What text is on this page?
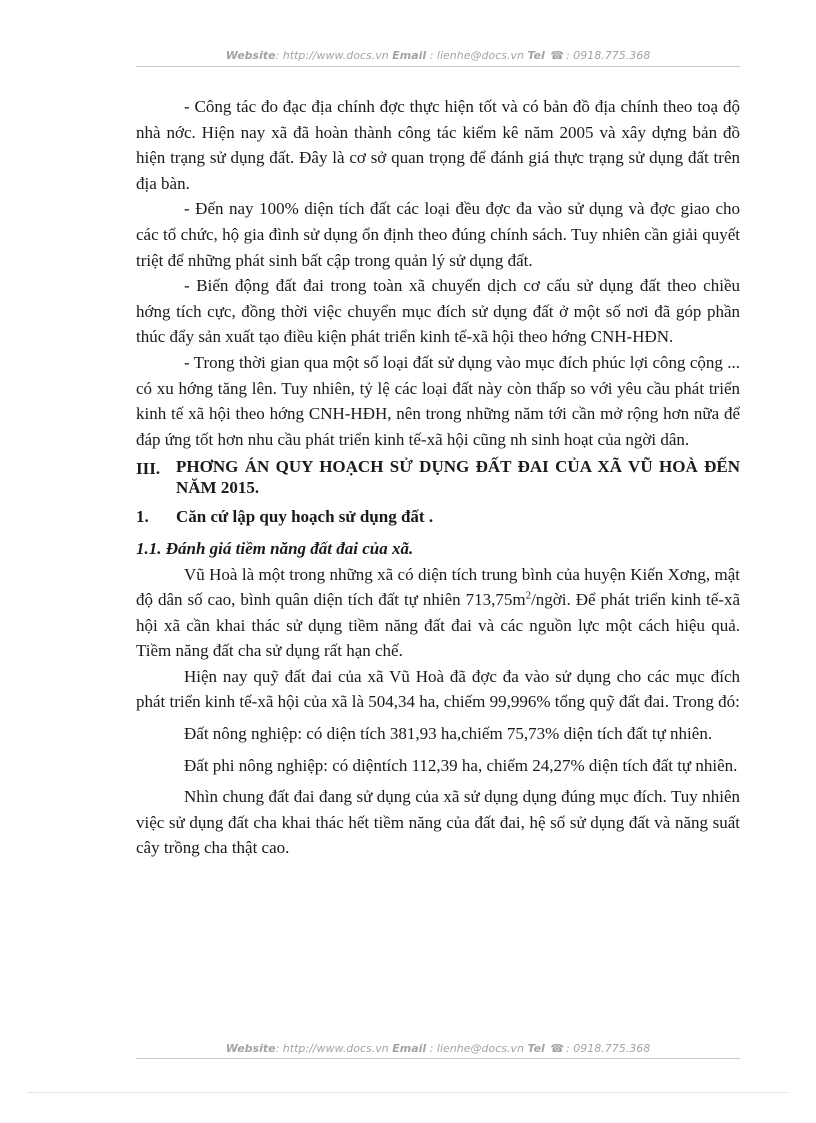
Website: http://www.docs.vn Email : lienhe@docs.vn Tel ☎ : 0918.775.368

- Công tác đo đạc địa chính đợc thực hiện tốt và có bản đồ địa chính theo toạ độ nhà nớc. Hiện nay xã đã hoàn thành công tác kiểm kê năm 2005 và xây dựng bản đồ hiện trạng sử dụng đất. Đây là cơ sở quan trọng để đánh giá thực trạng sử dụng đất trên địa bàn.

- Đến nay 100% diện tích đất các loại đều đợc đa vào sử dụng và đợc giao cho các tổ chức, hộ gia đình sử dụng ổn định theo đúng chính sách. Tuy nhiên cần giải quyết triệt để những phát sinh bất cập trong quản lý sử dụng đất.

- Biến động đất đai trong toàn xã chuyển dịch cơ cấu sử dụng đất theo chiều hớng tích cực, đồng thời việc chuyển mục đích sử dụng đất ở một số nơi đã góp phần thúc đẩy sản xuất tạo điều kiện phát triển kinh tế-xã hội theo hớng CNH-HĐN.

- Trong thời gian qua một số loại đất sử dụng vào mục đích phúc lợi công cộng ... có xu hớng tăng lên. Tuy nhiên, tỷ lệ các loại đất này còn thấp so với yêu cầu phát triển kinh tế xã hội theo hớng CNH-HĐH, nên trong những năm tới cần mở rộng hơn nữa để đáp ứng tốt hơn nhu cầu phát triển kinh tế-xã hội cũng nh sinh hoạt của ngời dân.

III. PHƠNG ÁN QUY HOẠCH SỬ DỤNG ĐẤT ĐAI CỦA XÃ VŨ HOÀ ĐẾN NĂM 2015.

1.	Căn cứ lập quy hoạch sử dụng đất .

1.1. Đánh giá tiềm năng đất đai của xã.

Vũ Hoà là một trong những xã có diện tích trung bình của huyện Kiến Xơng, mật độ dân số cao, bình quân diện tích đất tự nhiên $713,75m^2$/ngời. Để phát triển kinh tế-xã hội xã cần khai thác sử dụng tiềm năng đất đai và các nguồn lực một cách hiệu quả. Tiềm năng đất cha sử dụng rất hạn chế.

Hiện nay quỹ đất đai của xã Vũ Hoà đã đợc đa vào sử dụng cho các mục đích phát triển kinh tế-xã hội của xã là 504,34 ha, chiếm 99,996% tổng quỹ đất đai. Trong đó:

Đất nông nghiệp: có diện tích 381,93 ha,chiếm 75,73% diện tích đất tự nhiên.

Đất phi nông nghiệp: có diệntích 112,39 ha, chiếm 24,27% diện tích đất tự nhiên.

Nhìn chung đất đai đang sử dụng của xã sử dụng dụng đúng mục đích. Tuy nhiên việc sử dụng đất cha khai thác hết tiềm năng của đất đai, hệ số sử dụng đất và năng suất cây trồng cha thật cao.

Website: http://www.docs.vn Email : lienhe@docs.vn Tel ☎ : 0918.775.368
